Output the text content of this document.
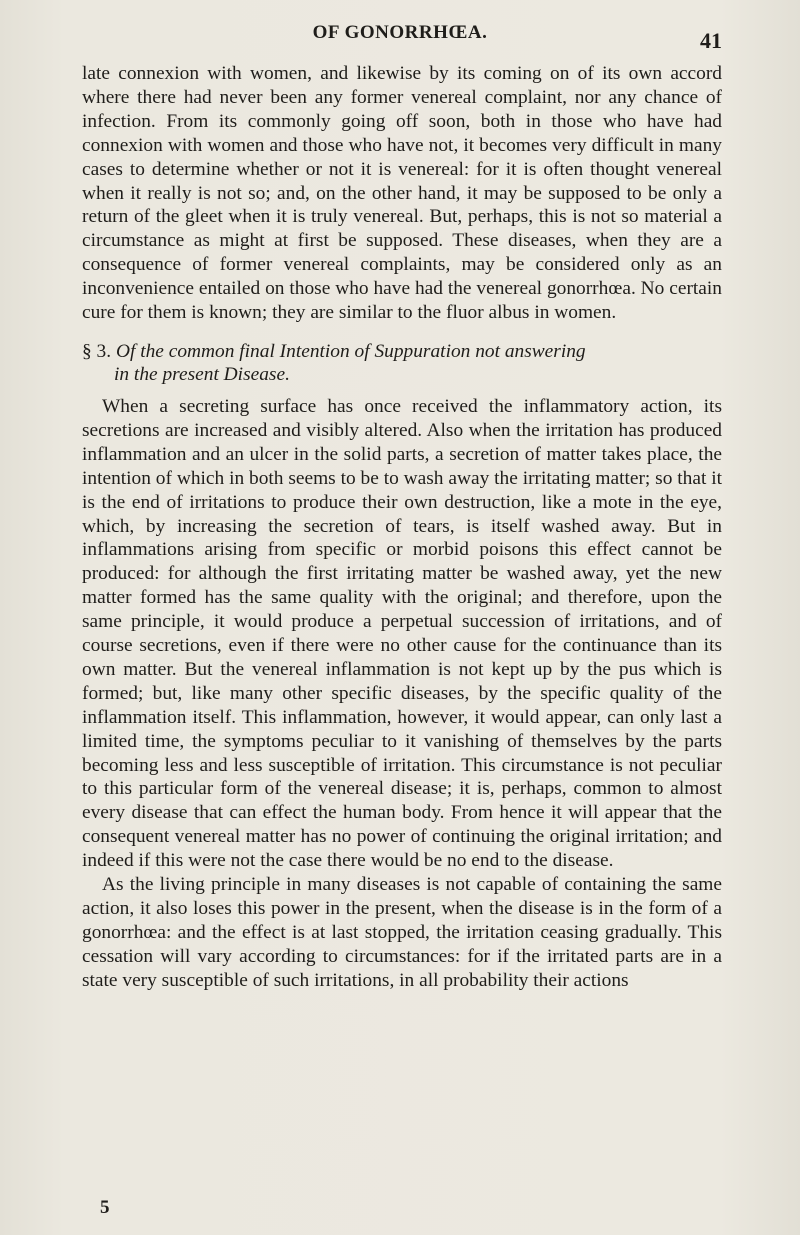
OF GONORRHŒA.	41

late connexion with women, and likewise by its coming on of its own accord where there had never been any former venereal complaint, nor any chance of infection. From its commonly going off soon, both in those who have had connexion with women and those who have not, it becomes very difficult in many cases to determine whether or not it is venereal: for it is often thought venereal when it really is not so; and, on the other hand, it may be supposed to be only a return of the gleet when it is truly venereal. But, perhaps, this is not so material a circumstance as might at first be supposed. These diseases, when they are a consequence of former venereal complaints, may be considered only as an inconvenience entailed on those who have had the venereal gonorrhœa. No certain cure for them is known; they are similar to the fluor albus in women.

§ 3. Of the common final Intention of Suppuration not answering
in the present Disease.

When a secreting surface has once received the inflammatory action, its secretions are increased and visibly altered. Also when the irritation has produced inflammation and an ulcer in the solid parts, a secretion of matter takes place, the intention of which in both seems to be to wash away the irritating matter; so that it is the end of irritations to produce their own destruction, like a mote in the eye, which, by increasing the secretion of tears, is itself washed away. But in inflammations arising from specific or morbid poisons this effect cannot be produced: for although the first irritating matter be washed away, yet the new matter formed has the same quality with the original; and therefore, upon the same principle, it would produce a perpetual succession of irritations, and of course secretions, even if there were no other cause for the continuance than its own matter. But the venereal inflammation is not kept up by the pus which is formed; but, like many other specific diseases, by the specific quality of the inflammation itself. This inflammation, however, it would appear, can only last a limited time, the symptoms peculiar to it vanishing of themselves by the parts becoming less and less susceptible of irritation. This circumstance is not peculiar to this particular form of the venereal disease; it is, perhaps, common to almost every disease that can effect the human body. From hence it will appear that the consequent venereal matter has no power of continuing the original irritation; and indeed if this were not the case there would be no end to the disease.

As the living principle in many diseases is not capable of containing the same action, it also loses this power in the present, when the disease is in the form of a gonorrhœa: and the effect is at last stopped, the irritation ceasing gradually. This cessation will vary according to circumstances: for if the irritated parts are in a state very susceptible of such irritations, in all probability their actions

5
